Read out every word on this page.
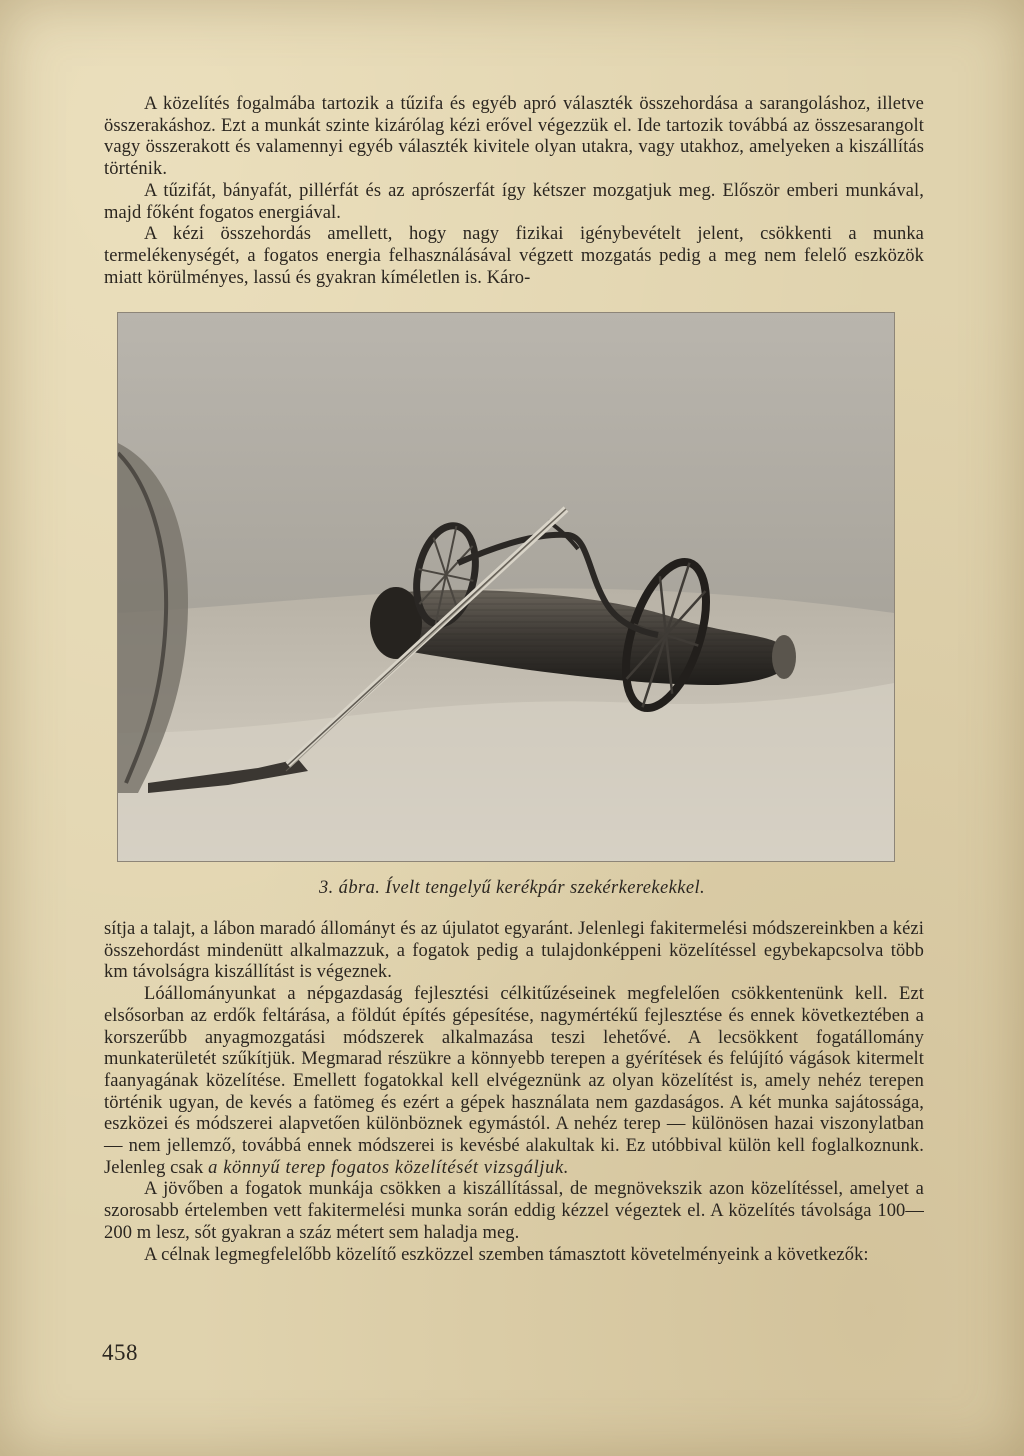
A közelítés fogalmába tartozik a tűzifa és egyéb apró választék összehordása a sarangoláshoz, illetve összerakáshoz. Ezt a munkát szinte kizárólag kézi erővel végezzük el. Ide tartozik továbbá az összesarangolt vagy összerakott és valamennyi egyéb választék kivitele olyan utakra, vagy utakhoz, amelyeken a kiszállítás történik.

A tűzifát, bányafát, pillérfát és az aprószerfát így kétszer mozgatjuk meg. Először emberi munkával, majd főként fogatos energiával.

A kézi összehordás amellett, hogy nagy fizikai igénybevételt jelent, csökkenti a munka termelékenységét, a fogatos energia felhasználásával végzett mozgatás pedig a meg nem felelő eszközök miatt körülményes, lassú és gyakran kíméletlen is. Káro-

3. ábra. Ívelt tengelyű kerékpár szekérkerekekkel.

sítja a talajt, a lábon maradó állományt és az újulatot egyaránt. Jelenlegi fakitermelési módszereinkben a kézi összehordást mindenütt alkalmazzuk, a fogatok pedig a tulajdonképpeni közelítéssel egybekapcsolva több km távolságra kiszállítást is végeznek.

Lóállományunkat a népgazdaság fejlesztési célkitűzéseinek megfelelően csökkentenünk kell. Ezt elsősorban az erdők feltárása, a földút építés gépesítése, nagymértékű fejlesztése és ennek következtében a korszerűbb anyagmozgatási módszerek alkalmazása teszi lehetővé. A lecsökkent fogatállomány munkaterületét szűkítjük. Megmarad részükre a könnyebb terepen a gyérítések és felújító vágások kitermelt faanyagának közelítése. Emellett fogatokkal kell elvégeznünk az olyan közelítést is, amely nehéz terepen történik ugyan, de kevés a fatömeg és ezért a gépek használata nem gazdaságos. A két munka sajátossága, eszközei és módszerei alapvetően különböznek egymástól. A nehéz terep — különösen hazai viszonylatban — nem jellemző, továbbá ennek módszerei is kevésbé alakultak ki. Ez utóbbival külön kell foglalkoznunk. Jelenleg csak a könnyű terep fogatos közelítését vizsgáljuk.

A jövőben a fogatok munkája csökken a kiszállítással, de megnövekszik azon közelítéssel, amelyet a szorosabb értelemben vett fakitermelési munka során eddig kézzel végeztek el. A közelítés távolsága 100—200 m lesz, sőt gyakran a száz métert sem haladja meg.

A célnak legmegfelelőbb közelítő eszközzel szemben támasztott követelményeink a következők:

458
